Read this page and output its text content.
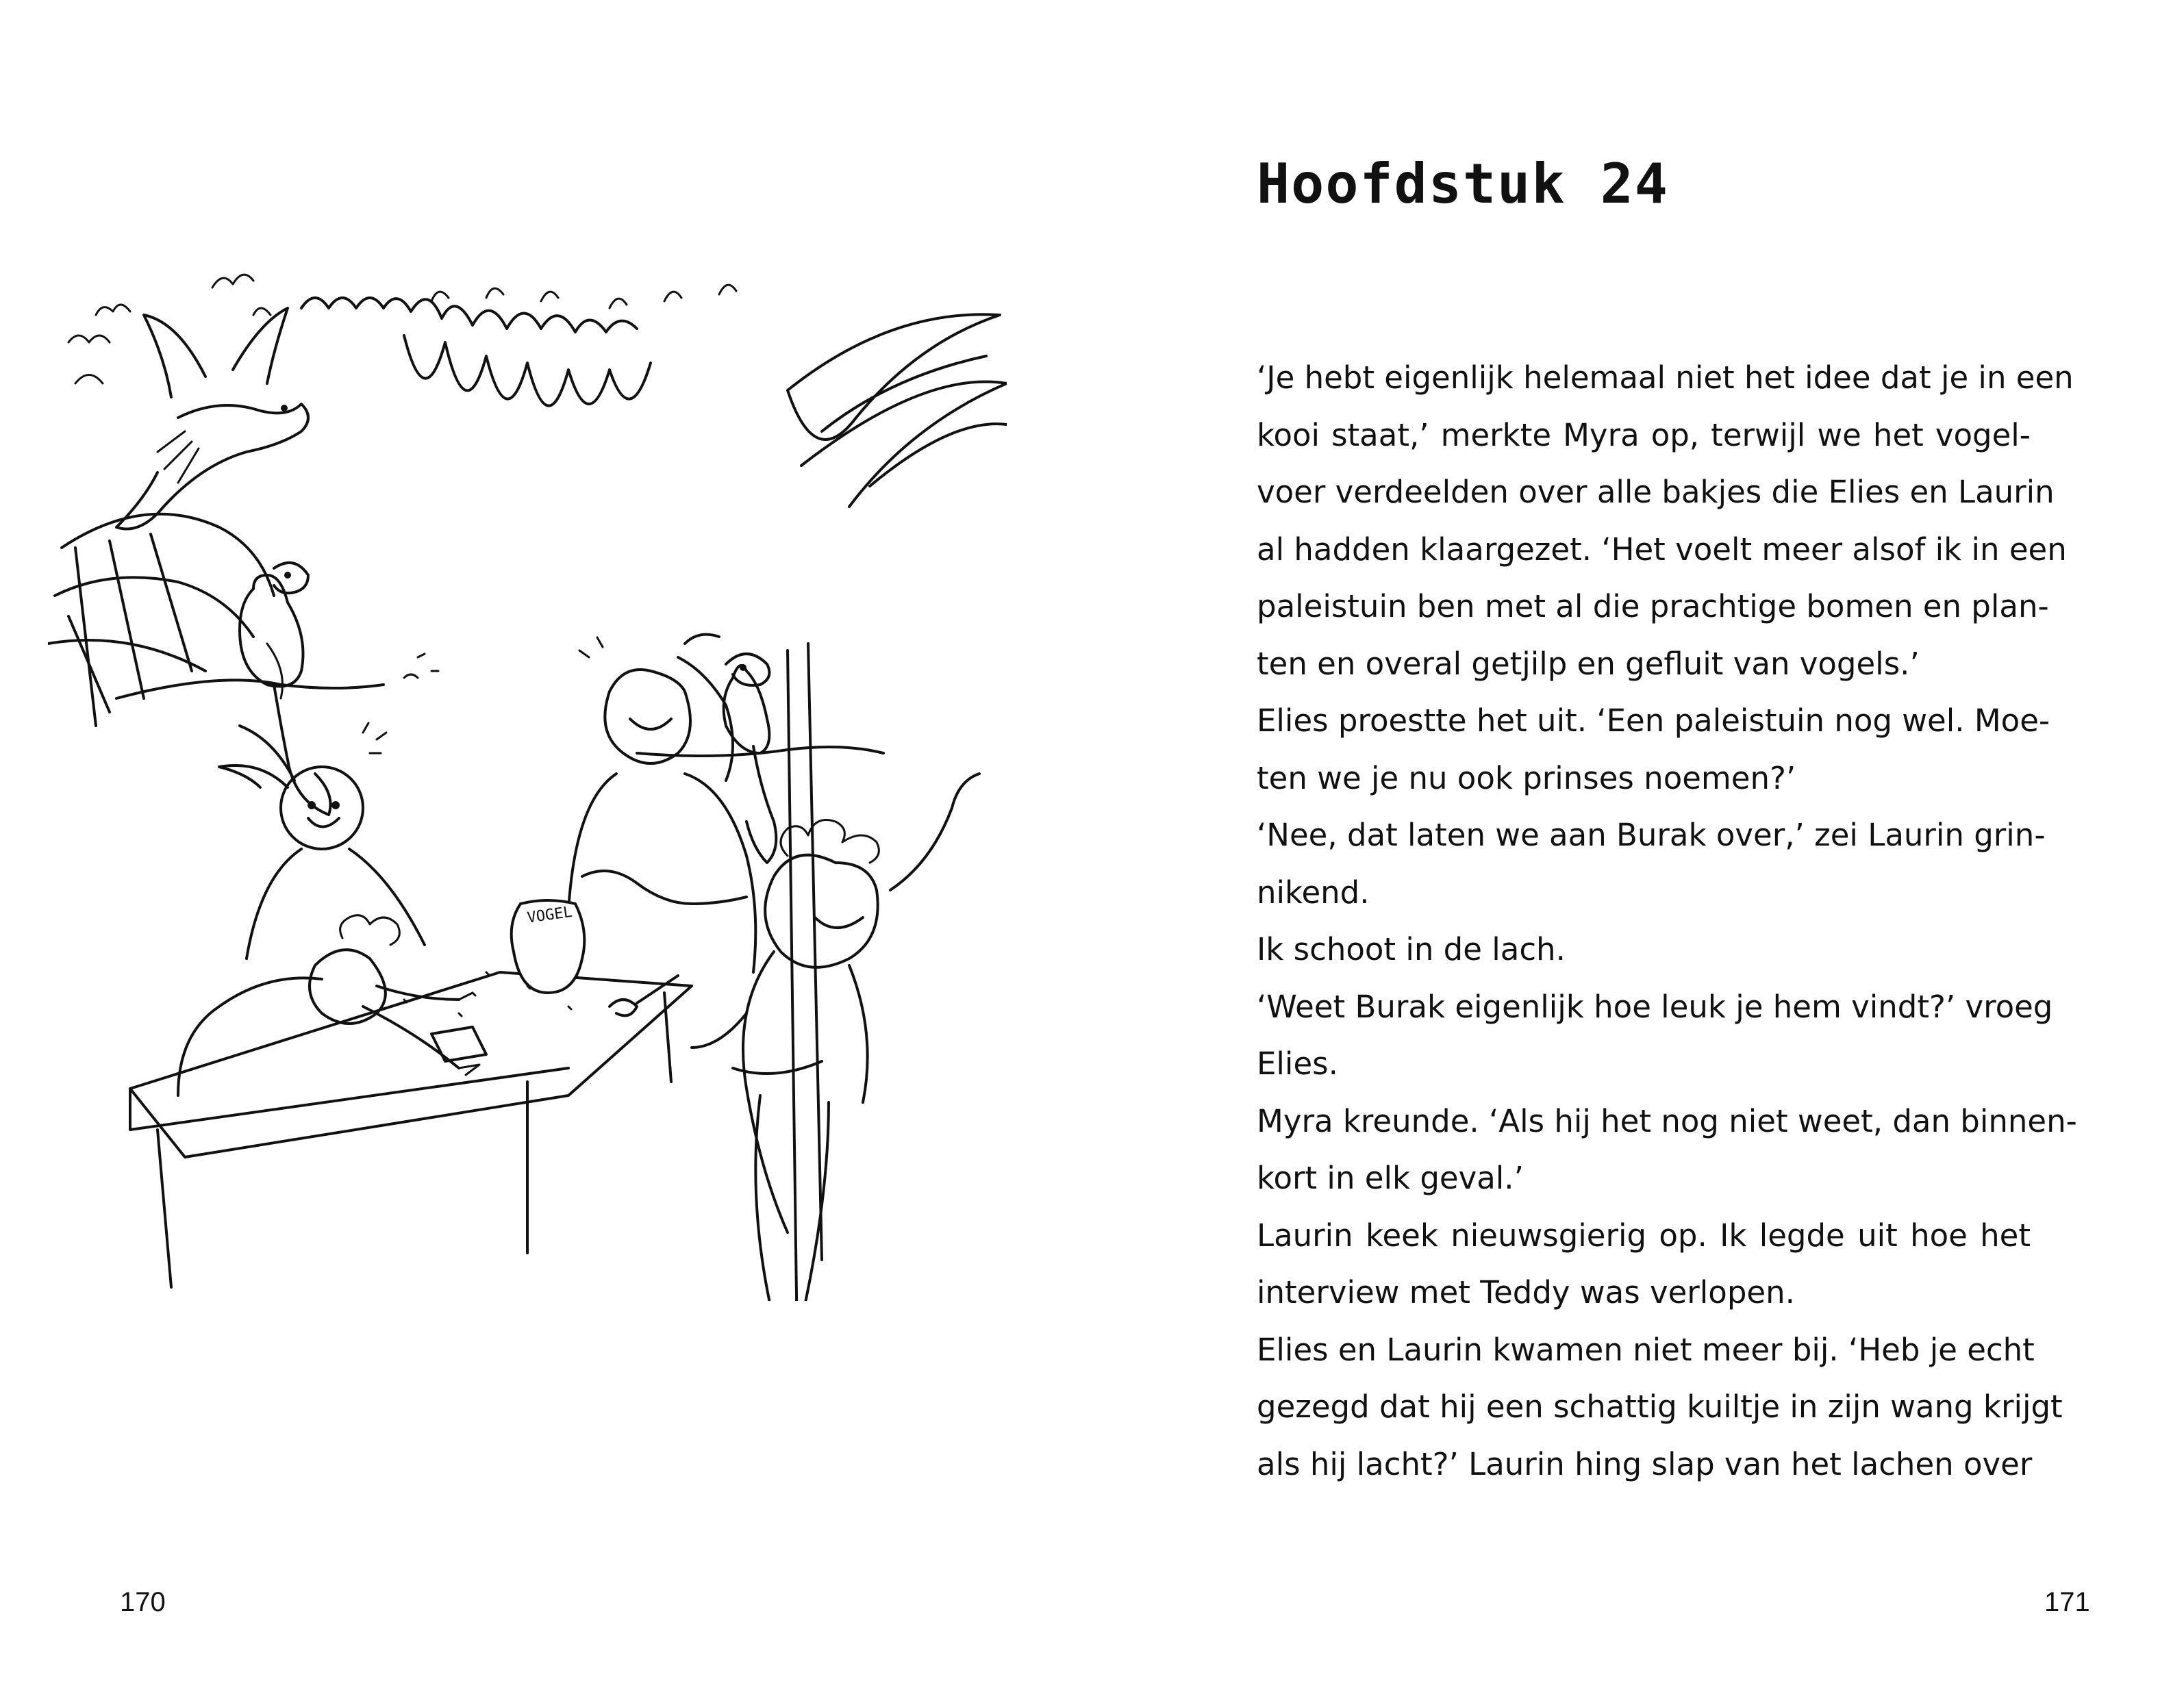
VOGEL

170

Hoofdstuk 24
‘Je hebt eigenlijk helemaal niet het idee dat je in een
kooi staat,’ merkte Myra op, terwijl we het vogel-
voer verdeelden over alle bakjes die Elies en Laurin
al hadden klaargezet. ‘Het voelt meer alsof ik in een
paleistuin ben met al die prachtige bomen en plan-
ten en overal getjilp en gefluit van vogels.’
Elies proestte het uit. ‘Een paleistuin nog wel. Moe-
ten we je nu ook prinses noemen?’
‘Nee, dat laten we aan Burak over,’ zei Laurin grin-
nikend.
Ik schoot in de lach.
‘Weet Burak eigenlijk hoe leuk je hem vindt?’ vroeg
Elies.
Myra kreunde. ‘Als hij het nog niet weet, dan binnen-
kort in elk geval.’
Laurin keek nieuwsgierig op. Ik legde uit hoe het
interview met Teddy was verlopen.
Elies en Laurin kwamen niet meer bij. ‘Heb je echt
gezegd dat hij een schattig kuiltje in zijn wang krijgt
als hij lacht?’ Laurin hing slap van het lachen over

171
